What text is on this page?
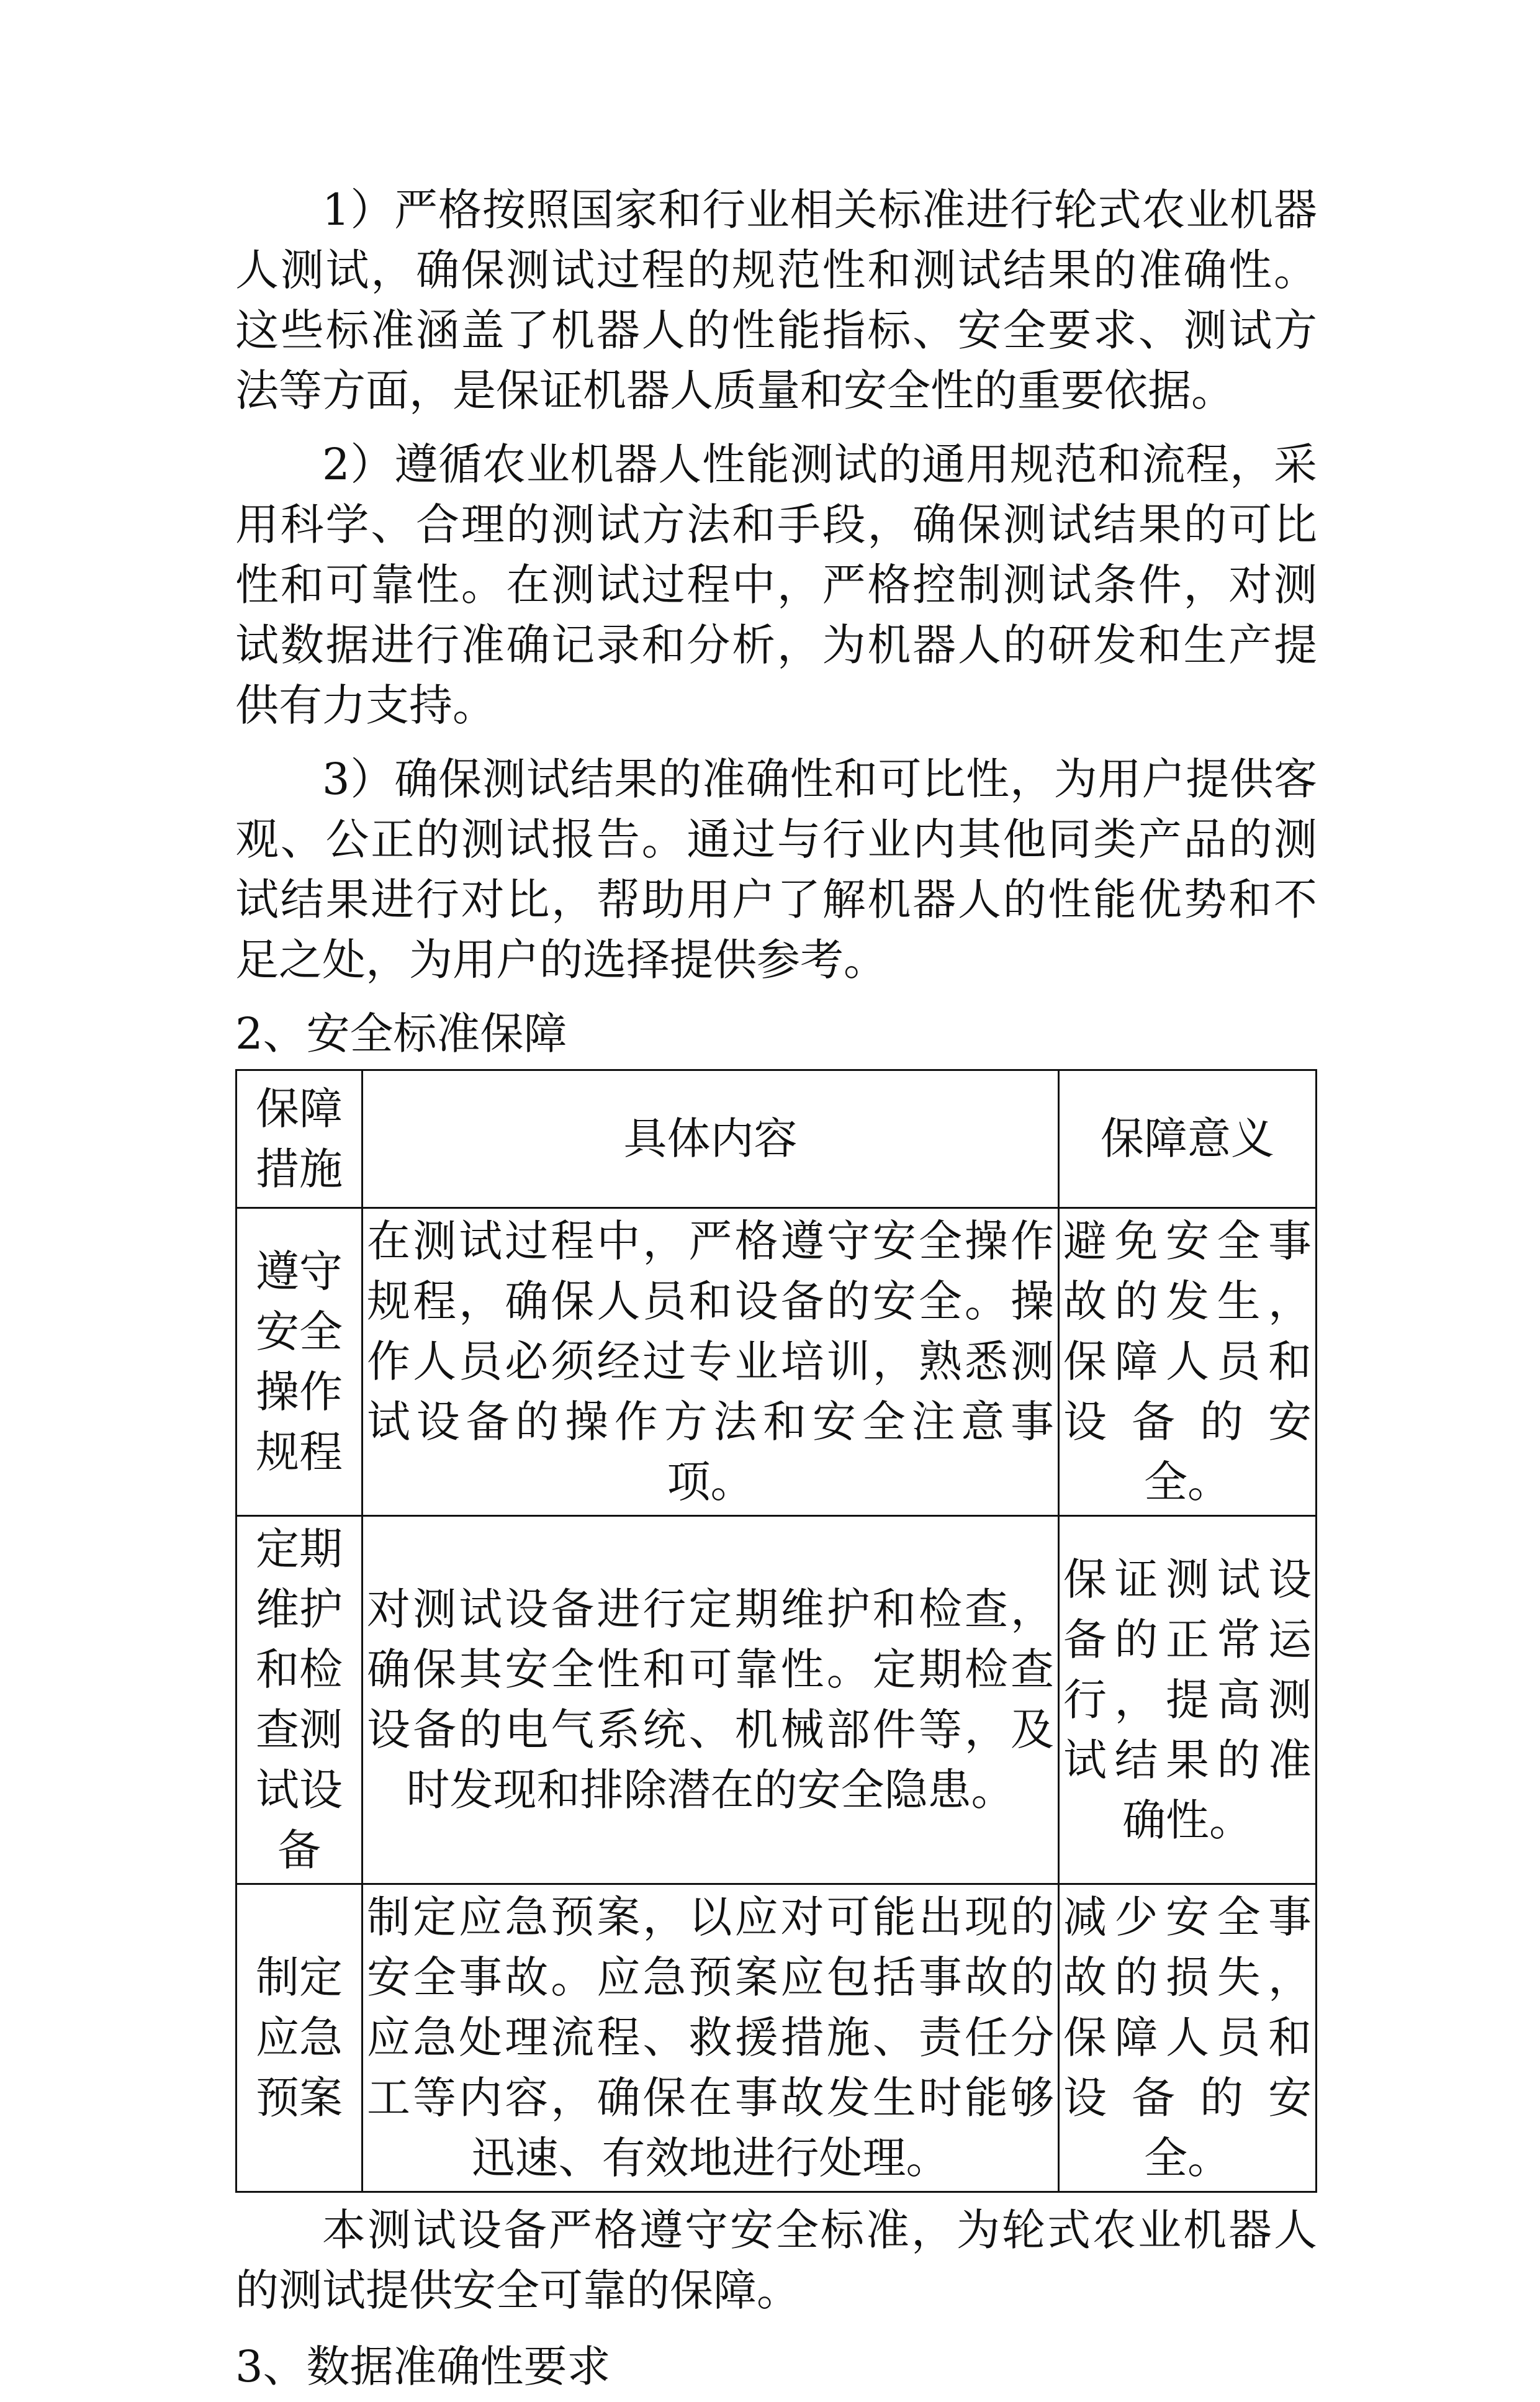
1）严格按照国家和行业相关标准进行轮式农业机器人测试，确保测试过程的规范性和测试结果的准确性。这些标准涵盖了机器人的性能指标、安全要求、测试方法等方面，是保证机器人质量和安全性的重要依据。

2）遵循农业机器人性能测试的通用规范和流程，采用科学、合理的测试方法和手段，确保测试结果的可比性和可靠性。在测试过程中，严格控制测试条件，对测试数据进行准确记录和分析，为机器人的研发和生产提供有力支持。

3）确保测试结果的准确性和可比性，为用户提供客观、公正的测试报告。通过与行业内其他同类产品的测试结果进行对比，帮助用户了解机器人的性能优势和不足之处，为用户的选择提供参考。

2、安全标准保障

保障措施	具体内容	保障意义
遵守安全操作规程	在测试过程中，严格遵守安全操作规程，确保人员和设备的安全。操作人员必须经过专业培训，熟悉测试设备的操作方法和安全注意事项。	避免安全事故的发生，保障人员和设备的安全。
定期维护和检查测试设备	对测试设备进行定期维护和检查，确保其安全性和可靠性。定期检查设备的电气系统、机械部件等，及时发现和排除潜在的安全隐患。	保证测试设备的正常运行，提高测试结果的准确性。
制定应急预案	制定应急预案，以应对可能出现的安全事故。应急预案应包括事故的应急处理流程、救援措施、责任分工等内容，确保在事故发生时能够迅速、有效地进行处理。	减少安全事故的损失，保障人员和设备的安全。

本测试设备严格遵守安全标准，为轮式农业机器人的测试提供安全可靠的保障。

3、数据准确性要求
